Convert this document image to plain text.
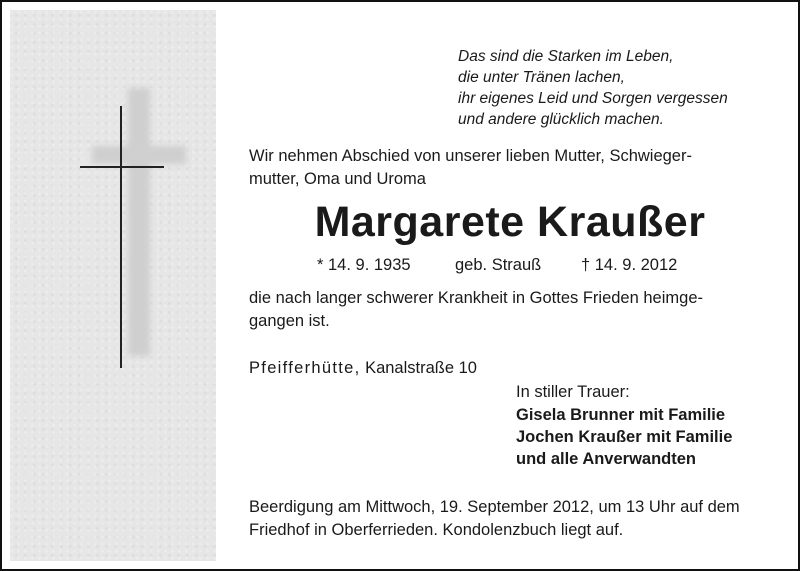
Das sind die Starken im Leben,
die unter Tränen lachen,
ihr eigenes Leid und Sorgen vergessen
und andere glücklich machen.
Wir nehmen Abschied von unserer lieben Mutter, Schwieger-
mutter, Oma und Uroma
Margarete Kraußer
* 14. 9. 1935	geb. Strauß † 14. 9. 2012
die nach langer schwerer Krankheit in Gottes Frieden heimge-
gangen ist.
Pfeifferhütte, Kanalstraße 10
In stiller Trauer:
Gisela Brunner mit Familie
Jochen Kraußer mit Familie
und alle Anverwandten
Beerdigung am Mittwoch, 19. September 2012, um 13 Uhr auf dem
Friedhof in Oberferrieden. Kondolenzbuch liegt auf.
